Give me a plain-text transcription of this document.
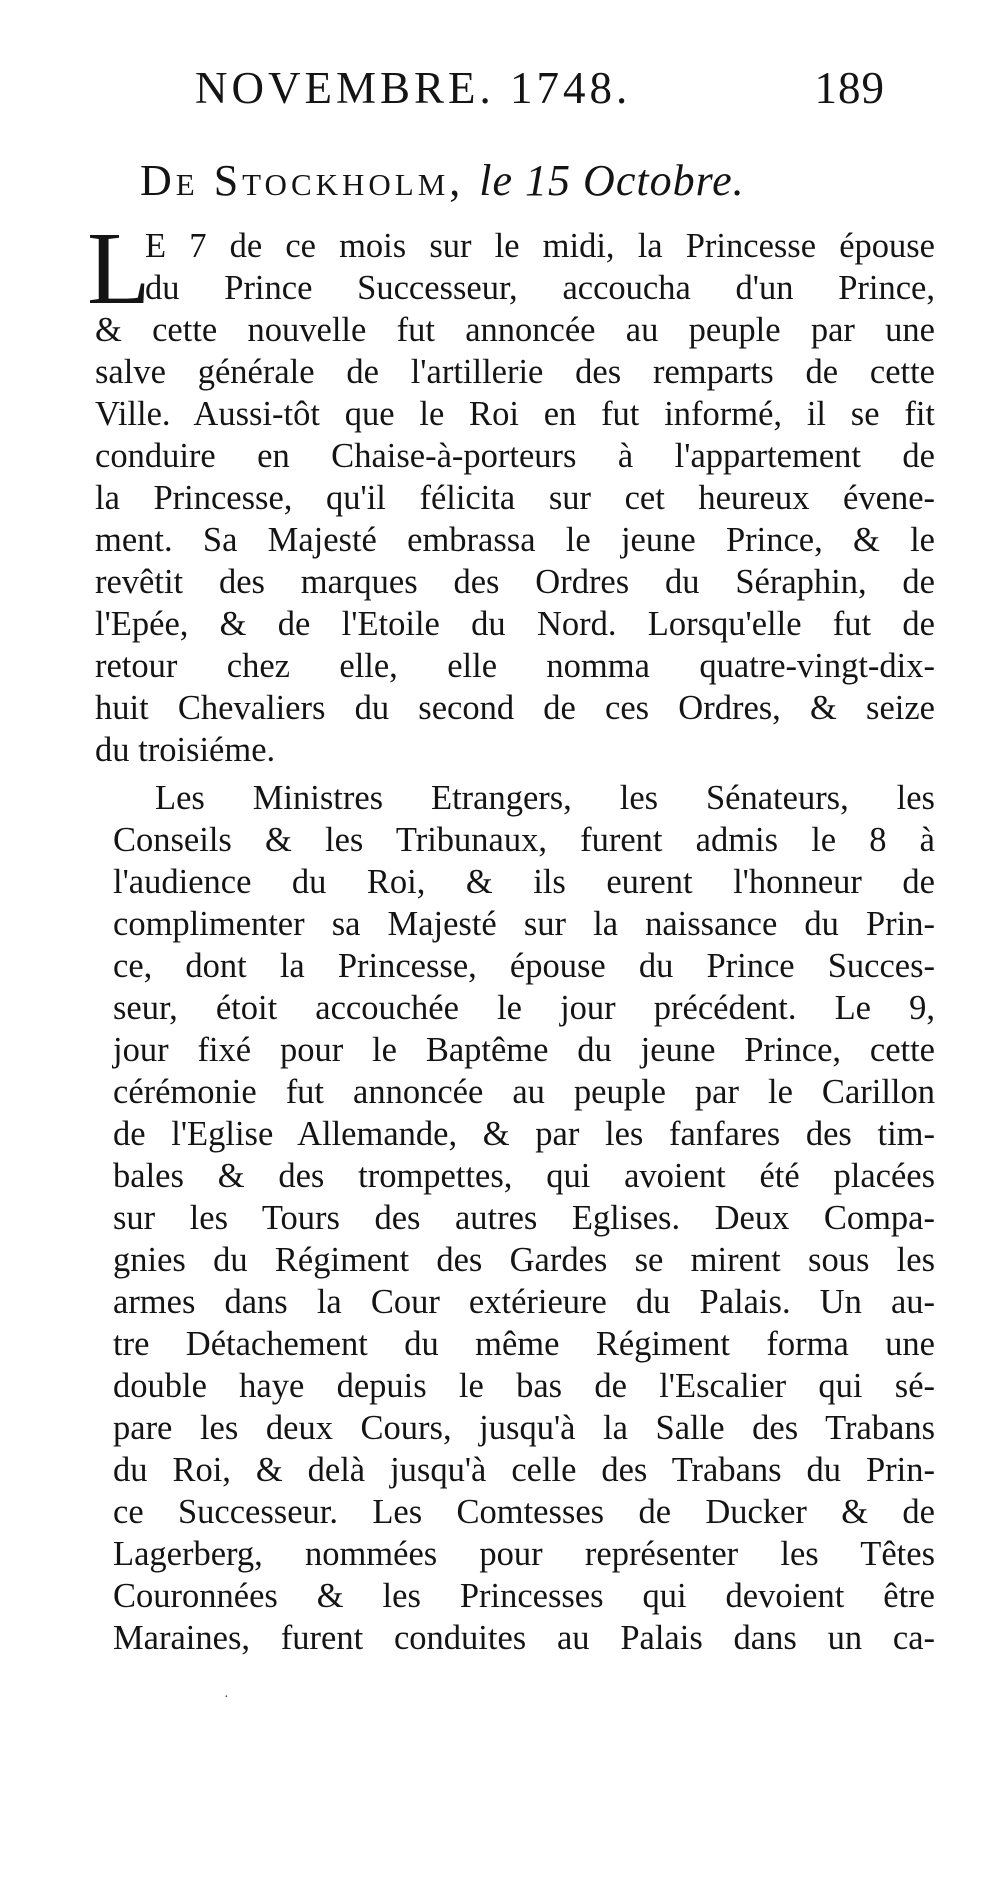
NOVEMBRE. 1748.	189
De Stockholm, le 15 Octobre.
L
E 7 de ce mois sur le midi, la Princesse épouse
du Prince Successeur, accoucha d'un Prince,
& cette nouvelle fut annoncée au peuple par une
salve générale de l'artillerie des remparts de cette
Ville. Aussi-tôt que le Roi en fut informé, il se fit
conduire en Chaise-à-porteurs à l'appartement de
la Princesse, qu'il félicita sur cet heureux évene-
ment. Sa Majesté embrassa le jeune Prince, & le
revêtit des marques des Ordres du Séraphin, de
l'Epée, & de l'Etoile du Nord. Lorsqu'elle fut de
retour chez elle, elle nomma quatre-vingt-dix-
huit Chevaliers du second de ces Ordres, & seize
du troisiéme.
Les Ministres Etrangers, les Sénateurs, les
Conseils & les Tribunaux, furent admis le 8 à
l'audience du Roi, & ils eurent l'honneur de
complimenter sa Majesté sur la naissance du Prin-
ce, dont la Princesse, épouse du Prince Succes-
seur, étoit accouchée le jour précédent. Le 9,
jour fixé pour le Baptême du jeune Prince, cette
cérémonie fut annoncée au peuple par le Carillon
de l'Eglise Allemande, & par les fanfares des tim-
bales & des trompettes, qui avoient été placées
sur les Tours des autres Eglises. Deux Compa-
gnies du Régiment des Gardes se mirent sous les
armes dans la Cour extérieure du Palais. Un au-
tre Détachement du même Régiment forma une
double haye depuis le bas de l'Escalier qui sé-
pare les deux Cours, jusqu'à la Salle des Trabans
du Roi, & delà jusqu'à celle des Trabans du Prin-
ce Successeur. Les Comtesses de Ducker & de
Lagerberg, nommées pour représenter les Têtes
Couronnées & les Princesses qui devoient être
Maraines, furent conduites au Palais dans un ca-
·
